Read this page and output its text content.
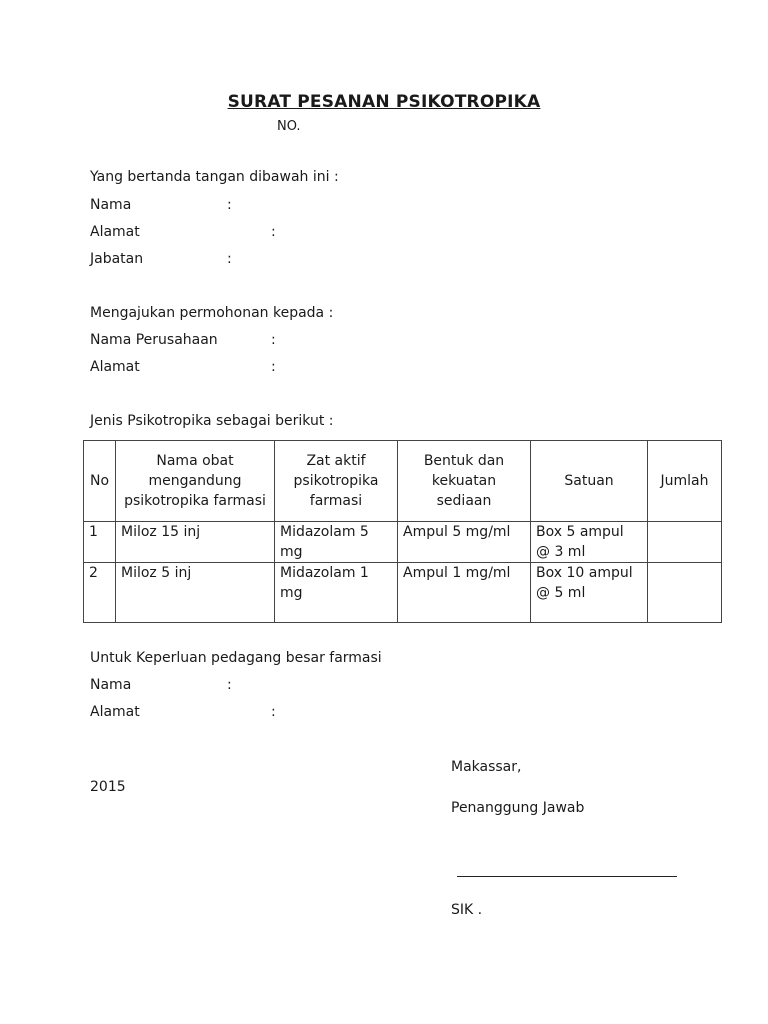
SURAT PESANAN PSIKOTROPIKA
NO.
Yang bertanda tangan dibawah ini :
Nama	:
Alamat	:
Jabatan	:
Mengajukan permohonan kepada :
Nama Perusahaan	:
Alamat	:
Jenis Psikotropika sebagai berikut :
No	Nama obat mengandung psikotropika farmasi	Zat aktif psikotropika farmasi	Bentuk dan kekuatan sediaan	Satuan	Jumlah
1	Miloz 15 inj	Midazolam 5 mg	Ampul 5 mg/ml	Box 5 ampul @ 3 ml	
2	Miloz 5 inj	Midazolam 1 mg	Ampul 1 mg/ml	Box 10 ampul @ 5 ml	
Untuk Keperluan pedagang besar farmasi
Nama	:
Alamat	:
Makassar,
2015
Penanggung Jawab
SIK .
